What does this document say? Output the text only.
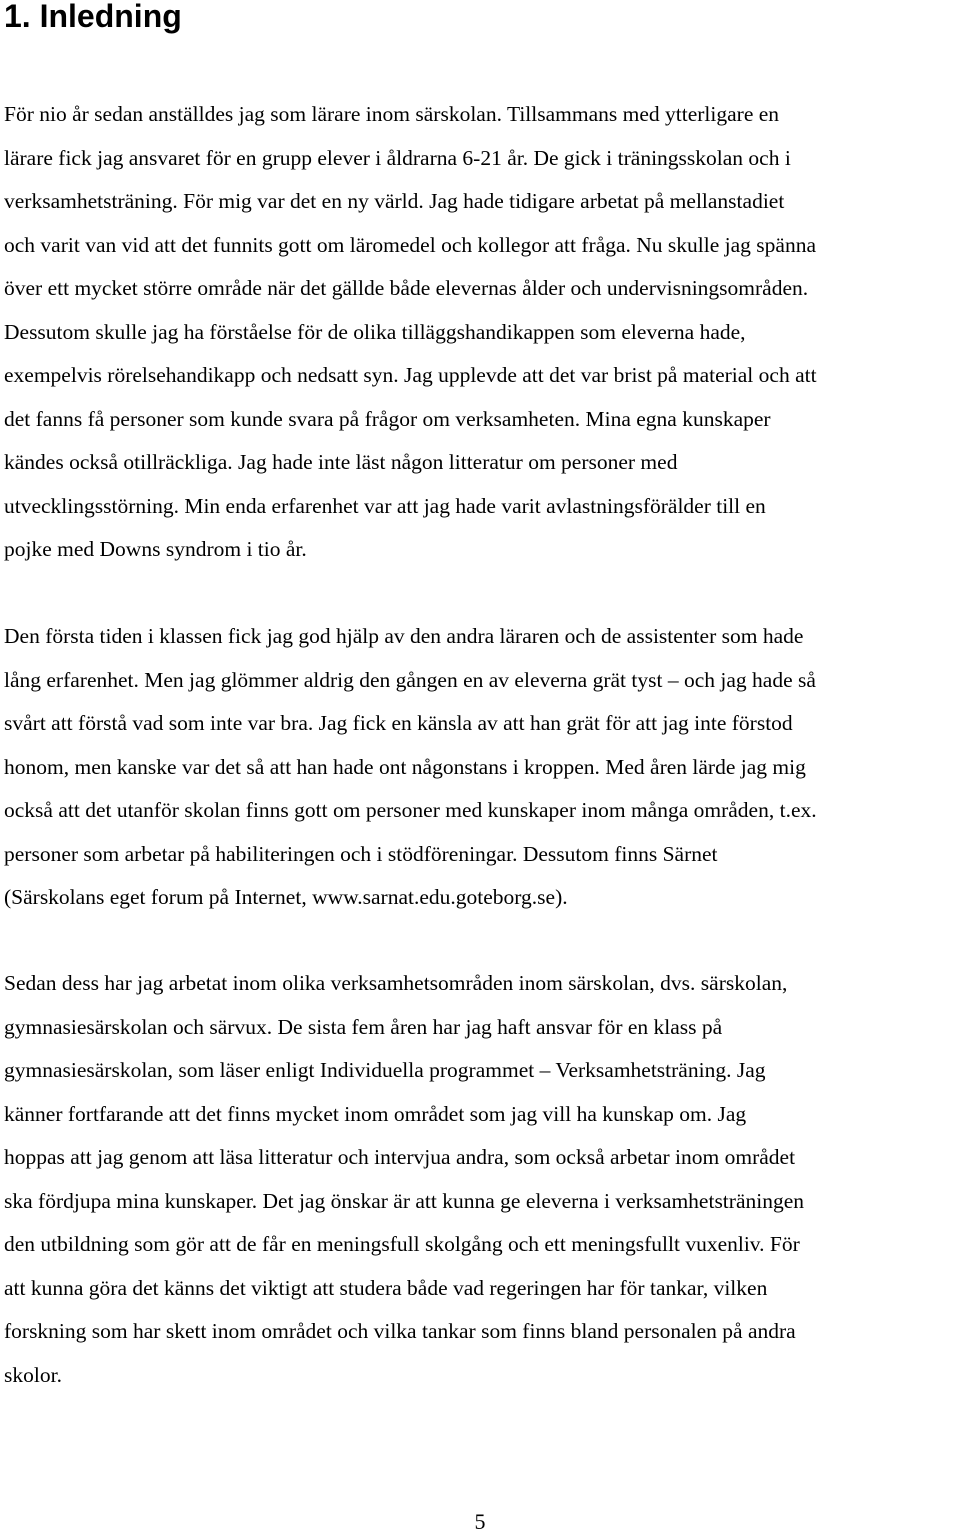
1. Inledning
För nio år sedan anställdes jag som lärare inom särskolan. Tillsammans med ytterligare en
lärare fick jag ansvaret för en grupp elever i åldrarna 6-21 år. De gick i träningsskolan och i
verksamhetsträning. För mig var det en ny värld. Jag hade tidigare arbetat på mellanstadiet
och varit van vid att det funnits gott om läromedel och kollegor att fråga. Nu skulle jag spänna
över ett mycket större område när det gällde både elevernas ålder och undervisningsområden.
Dessutom skulle jag ha förståelse för de olika tilläggshandikappen som eleverna hade,
exempelvis rörelsehandikapp och nedsatt syn. Jag upplevde att det var brist på material och att
det fanns få personer som kunde svara på frågor om verksamheten. Mina egna kunskaper
kändes också otillräckliga. Jag hade inte läst någon litteratur om personer med
utvecklingsstörning. Min enda erfarenhet var att jag hade varit avlastningsförälder till en
pojke med Downs syndrom i tio år.
Den första tiden i klassen fick jag god hjälp av den andra läraren och de assistenter som hade
lång erfarenhet. Men jag glömmer aldrig den gången en av eleverna grät tyst – och jag hade så
svårt att förstå vad som inte var bra. Jag fick en känsla av att han grät för att jag inte förstod
honom, men kanske var det så att han hade ont någonstans i kroppen. Med åren lärde jag mig
också att det utanför skolan finns gott om personer med kunskaper inom många områden, t.ex.
personer som arbetar på habiliteringen och i stödföreningar. Dessutom finns Särnet
(Särskolans eget forum på Internet, www.sarnat.edu.goteborg.se).
Sedan dess har jag arbetat inom olika verksamhetsområden inom särskolan, dvs. särskolan,
gymnasiesärskolan och särvux. De sista fem åren har jag haft ansvar för en klass på
gymnasiesärskolan, som läser enligt Individuella programmet – Verksamhetsträning. Jag
känner fortfarande att det finns mycket inom området som jag vill ha kunskap om. Jag
hoppas att jag genom att läsa litteratur och intervjua andra, som också arbetar inom området
ska fördjupa mina kunskaper. Det jag önskar är att kunna ge eleverna i verksamhetsträningen
den utbildning som gör att de får en meningsfull skolgång och ett meningsfullt vuxenliv. För
att kunna göra det känns det viktigt att studera både vad regeringen har för tankar, vilken
forskning som har skett inom området och vilka tankar som finns bland personalen på andra
skolor.
5
